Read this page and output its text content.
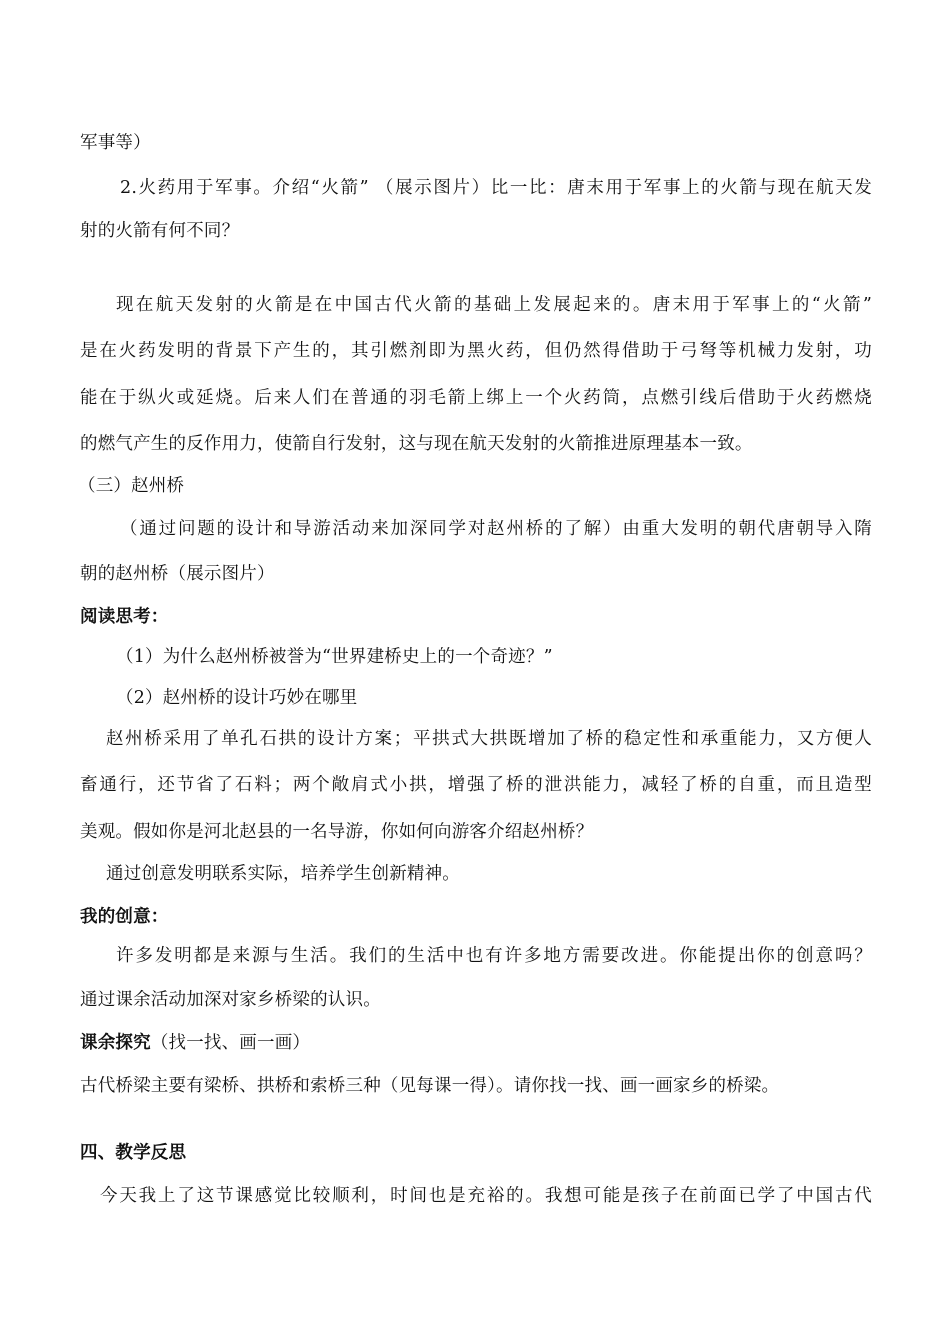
军事等）
2.火药用于军事。介绍“火箭” （展示图片）比一比：唐末用于军事上的火箭与现在航天发
射的火箭有何不同？
现在航天发射的火箭是在中国古代火箭的基础上发展起来的。唐末用于军事上的“火箭”
是在火药发明的背景下产生的，其引燃剂即为黑火药，但仍然得借助于弓弩等机械力发射，功
能在于纵火或延烧。后来人们在普通的羽毛箭上绑上一个火药筒，点燃引线后借助于火药燃烧
的燃气产生的反作用力，使箭自行发射，这与现在航天发射的火箭推进原理基本一致。
（三）赵州桥
（通过问题的设计和导游活动来加深同学对赵州桥的了解）由重大发明的朝代唐朝导入隋
朝的赵州桥（展示图片）
阅读思考：
（1）为什么赵州桥被誉为“世界建桥史上的一个奇迹？”
（2）赵州桥的设计巧妙在哪里
赵州桥采用了单孔石拱的设计方案；平拱式大拱既增加了桥的稳定性和承重能力，又方便人
畜通行，还节省了石料；两个敞肩式小拱，增强了桥的泄洪能力，减轻了桥的自重，而且造型
美观。假如你是河北赵县的一名导游，你如何向游客介绍赵州桥？
通过创意发明联系实际，培养学生创新精神。
我的创意：
许多发明都是来源与生活。我们的生活中也有许多地方需要改进。你能提出你的创意吗？
通过课余活动加深对家乡桥梁的认识。
课余探究（找一找、画一画）
古代桥梁主要有梁桥、拱桥和索桥三种（见每课一得）。请你找一找、画一画家乡的桥梁。
四、教学反思
今天我上了这节课感觉比较顺利，时间也是充裕的。我想可能是孩子在前面已学了中国古代
